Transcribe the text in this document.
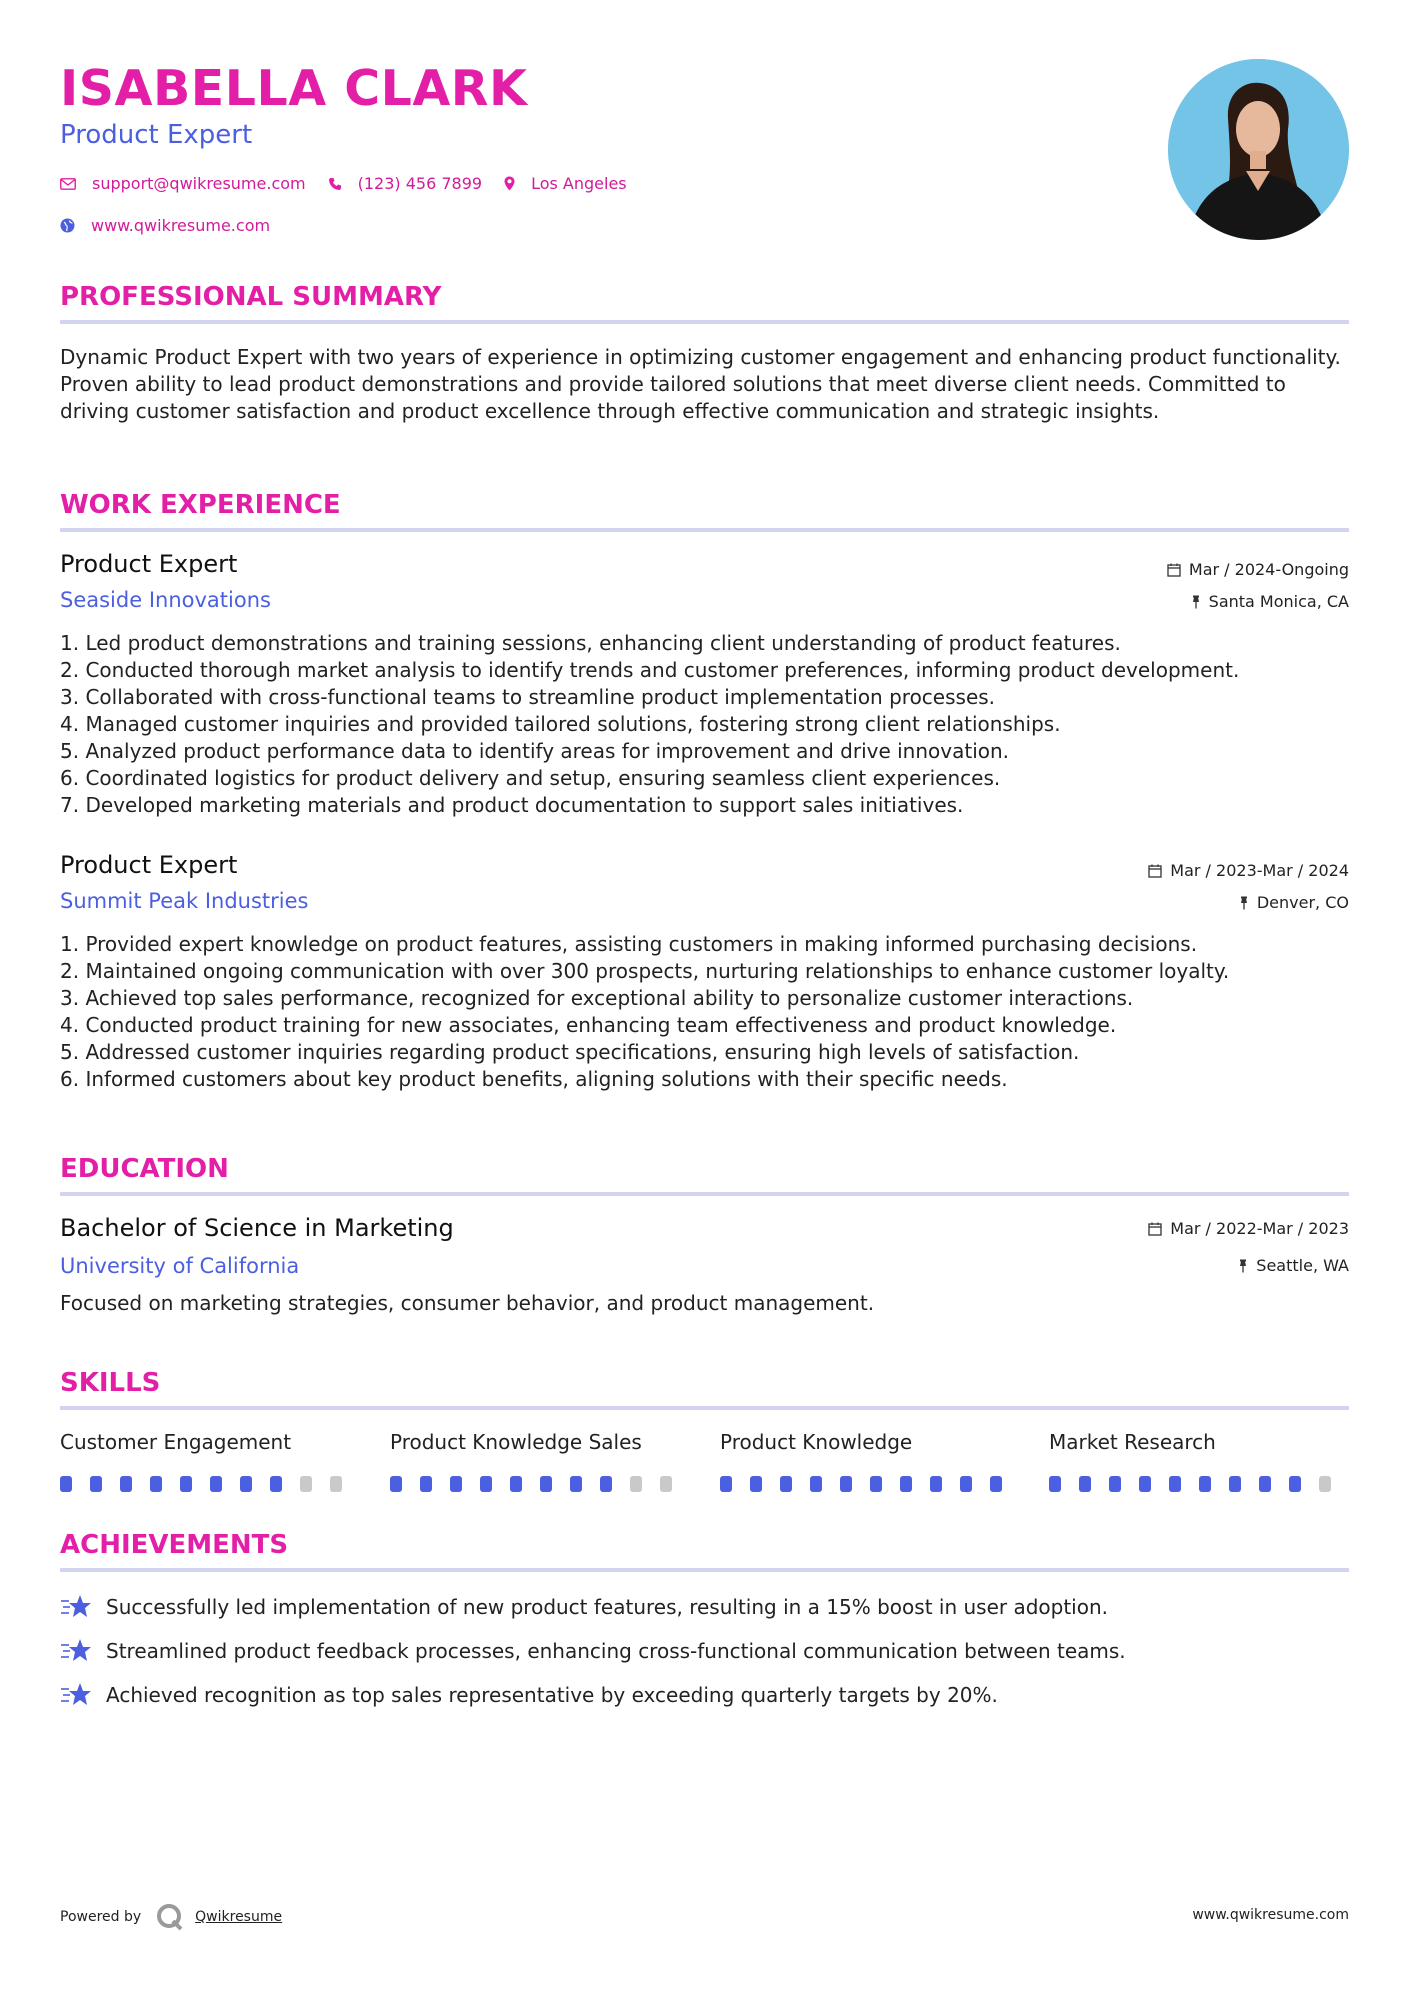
ISABELLA CLARK
Product Expert
support@qwikresume.com	(123) 456 7899	Los Angeles
www.qwikresume.com
PROFESSIONAL SUMMARY

Dynamic Product Expert with two years of experience in optimizing customer engagement and enhancing product functionality. Proven ability to lead product demonstrations and provide tailored solutions that meet diverse client needs. Committed to driving customer satisfaction and product excellence through effective communication and strategic insights.

WORK EXPERIENCE
Product Expert
Seaside Innovations
Mar / 2024-Ongoing
Santa Monica, CA
1. Led product demonstrations and training sessions, enhancing client understanding of product features.
2. Conducted thorough market analysis to identify trends and customer preferences, informing product development.
3. Collaborated with cross-functional teams to streamline product implementation processes.
4. Managed customer inquiries and provided tailored solutions, fostering strong client relationships.
5. Analyzed product performance data to identify areas for improvement and drive innovation.
6. Coordinated logistics for product delivery and setup, ensuring seamless client experiences.
7. Developed marketing materials and product documentation to support sales initiatives.
Product Expert
Summit Peak Industries
Mar / 2023-Mar / 2024
Denver, CO
1. Provided expert knowledge on product features, assisting customers in making informed purchasing decisions.
2. Maintained ongoing communication with over 300 prospects, nurturing relationships to enhance customer loyalty.
3. Achieved top sales performance, recognized for exceptional ability to personalize customer interactions.
4. Conducted product training for new associates, enhancing team effectiveness and product knowledge.
5. Addressed customer inquiries regarding product specifications, ensuring high levels of satisfaction.
6. Informed customers about key product benefits, aligning solutions with their specific needs.
EDUCATION
Bachelor of Science in Marketing
University of California
Mar / 2022-Mar / 2023
Seattle, WA
Focused on marketing strategies, consumer behavior, and product management.
SKILLS
Customer Engagement	Product Knowledge Sales	Product Knowledge	Market Research
ACHIEVEMENTS
Successfully led implementation of new product features, resulting in a 15% boost in user adoption.
Streamlined product feedback processes, enhancing cross-functional communication between teams.
Achieved recognition as top sales representative by exceeding quarterly targets by 20%.
Powered by	Qwikresume	www.qwikresume.com
